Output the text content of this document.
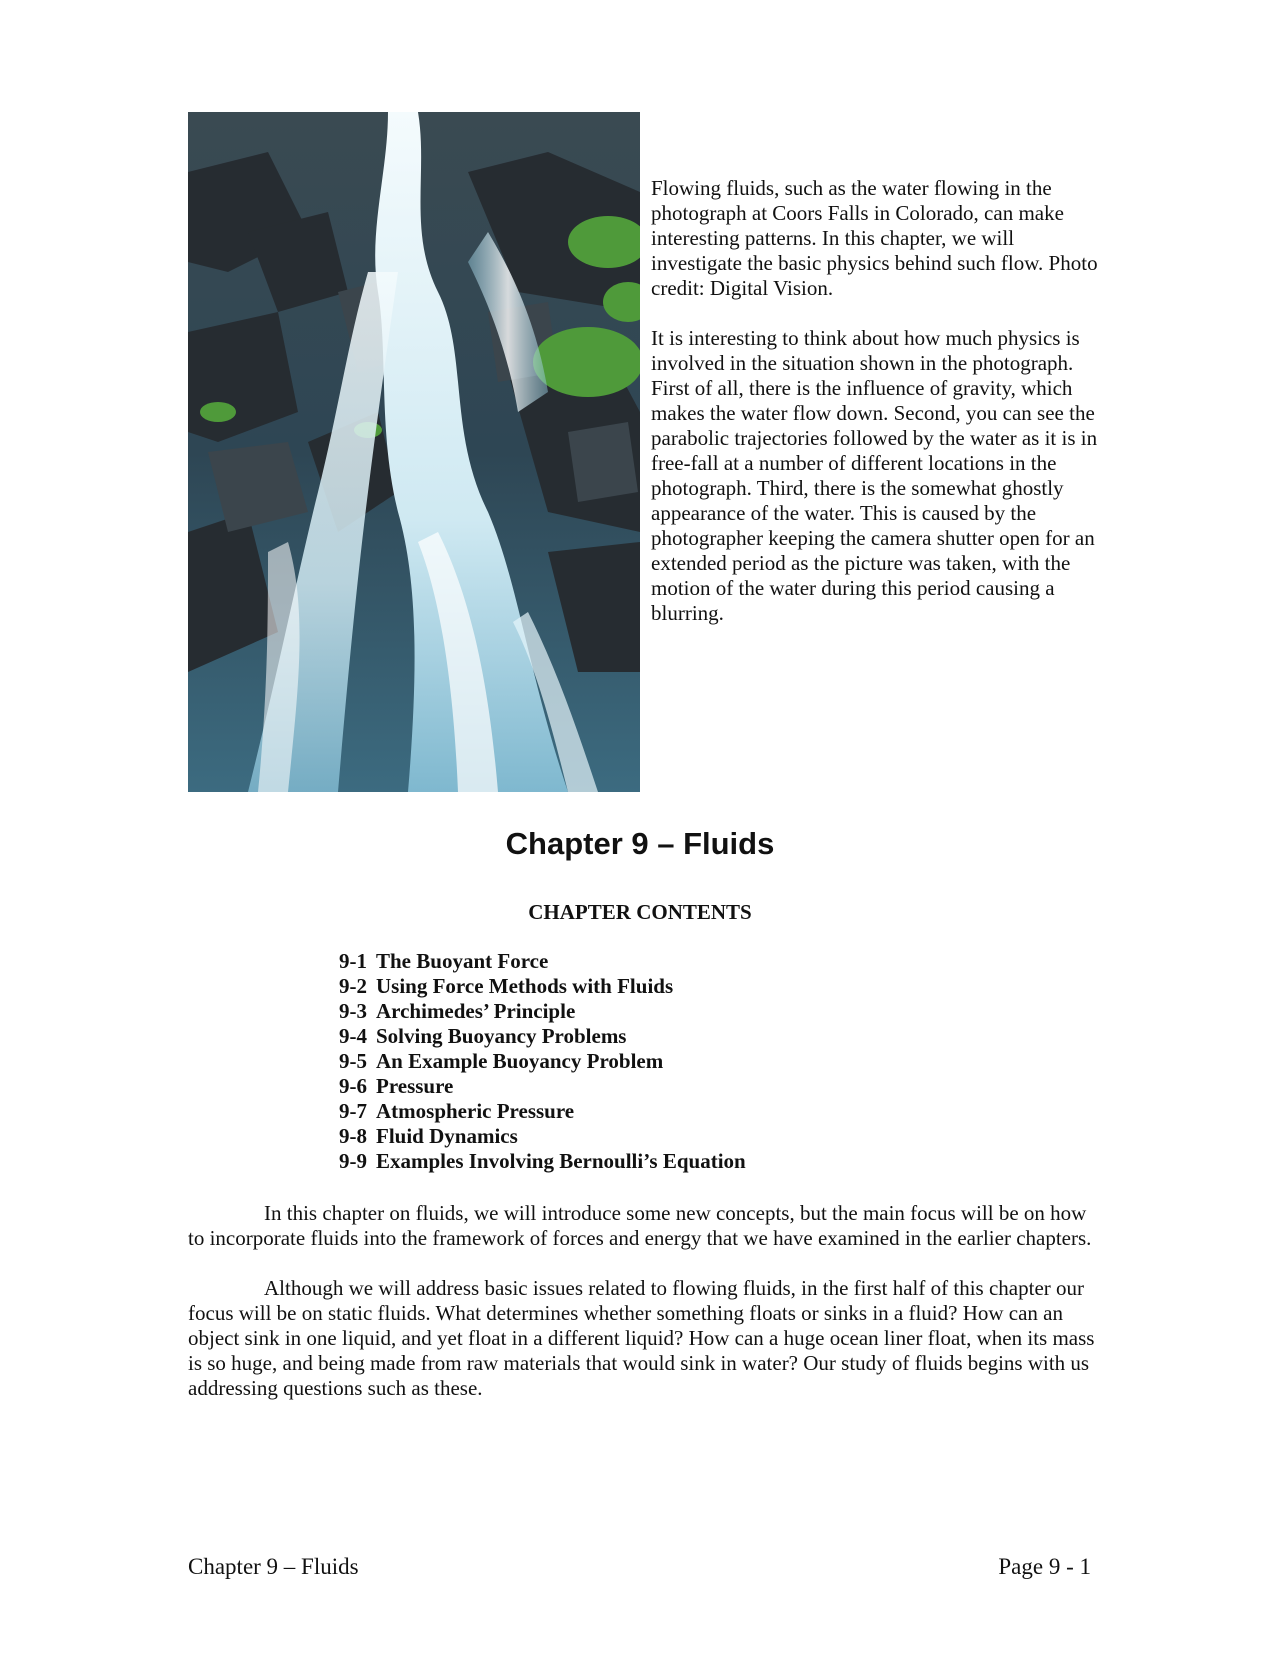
Flowing fluids, such as the water flowing in the photograph at Coors Falls in Colorado, can make interesting patterns. In this chapter, we will investigate the basic physics behind such flow. Photo credit: Digital Vision.

It is interesting to think about how much physics is involved in the situation shown in the photograph. First of all, there is the influence of gravity, which makes the water flow down. Second, you can see the parabolic trajectories followed by the water as it is in free-fall at a number of different locations in the photograph. Third, there is the somewhat ghostly appearance of the water. This is caused by the photographer keeping the camera shutter open for an extended period as the picture was taken, with the motion of the water during this period causing a blurring.

Chapter 9 – Fluids
CHAPTER CONTENTS
9-1 The Buoyant Force
9-2 Using Force Methods with Fluids
9-3 Archimedes’ Principle
9-4 Solving Buoyancy Problems
9-5 An Example Buoyancy Problem
9-6 Pressure
9-7 Atmospheric Pressure
9-8 Fluid Dynamics
9-9 Examples Involving Bernoulli’s Equation

In this chapter on fluids, we will introduce some new concepts, but the main focus will be on how to incorporate fluids into the framework of forces and energy that we have examined in the earlier chapters.

Although we will address basic issues related to flowing fluids, in the first half of this chapter our focus will be on static fluids. What determines whether something floats or sinks in a fluid? How can an object sink in one liquid, and yet float in a different liquid? How can a huge ocean liner float, when its mass is so huge, and being made from raw materials that would sink in water? Our study of fluids begins with us addressing questions such as these.

Chapter 9 – Fluids	Page 9 - 1
